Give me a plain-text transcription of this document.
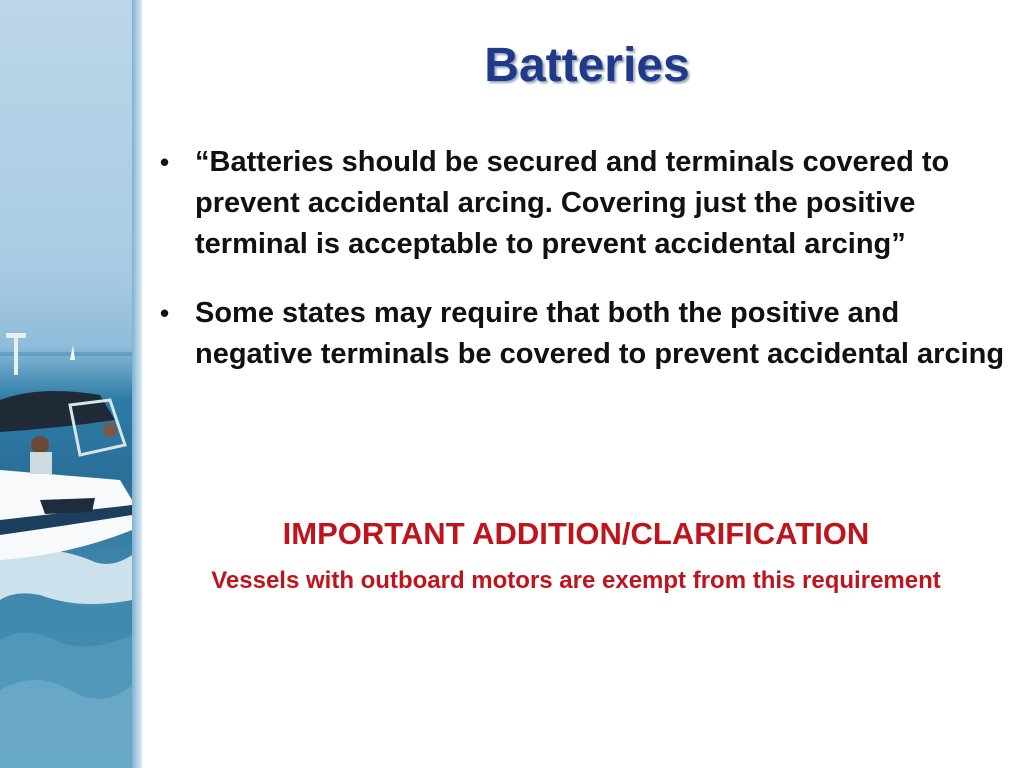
Batteries
• “Batteries should be secured and terminals covered to prevent accidental arcing. Covering just the positive terminal is acceptable to prevent accidental arcing”
• Some states may require that both the positive and negative terminals be covered to prevent accidental arcing
IMPORTANT ADDITION/CLARIFICATION
Vessels with outboard motors are exempt from this requirement
